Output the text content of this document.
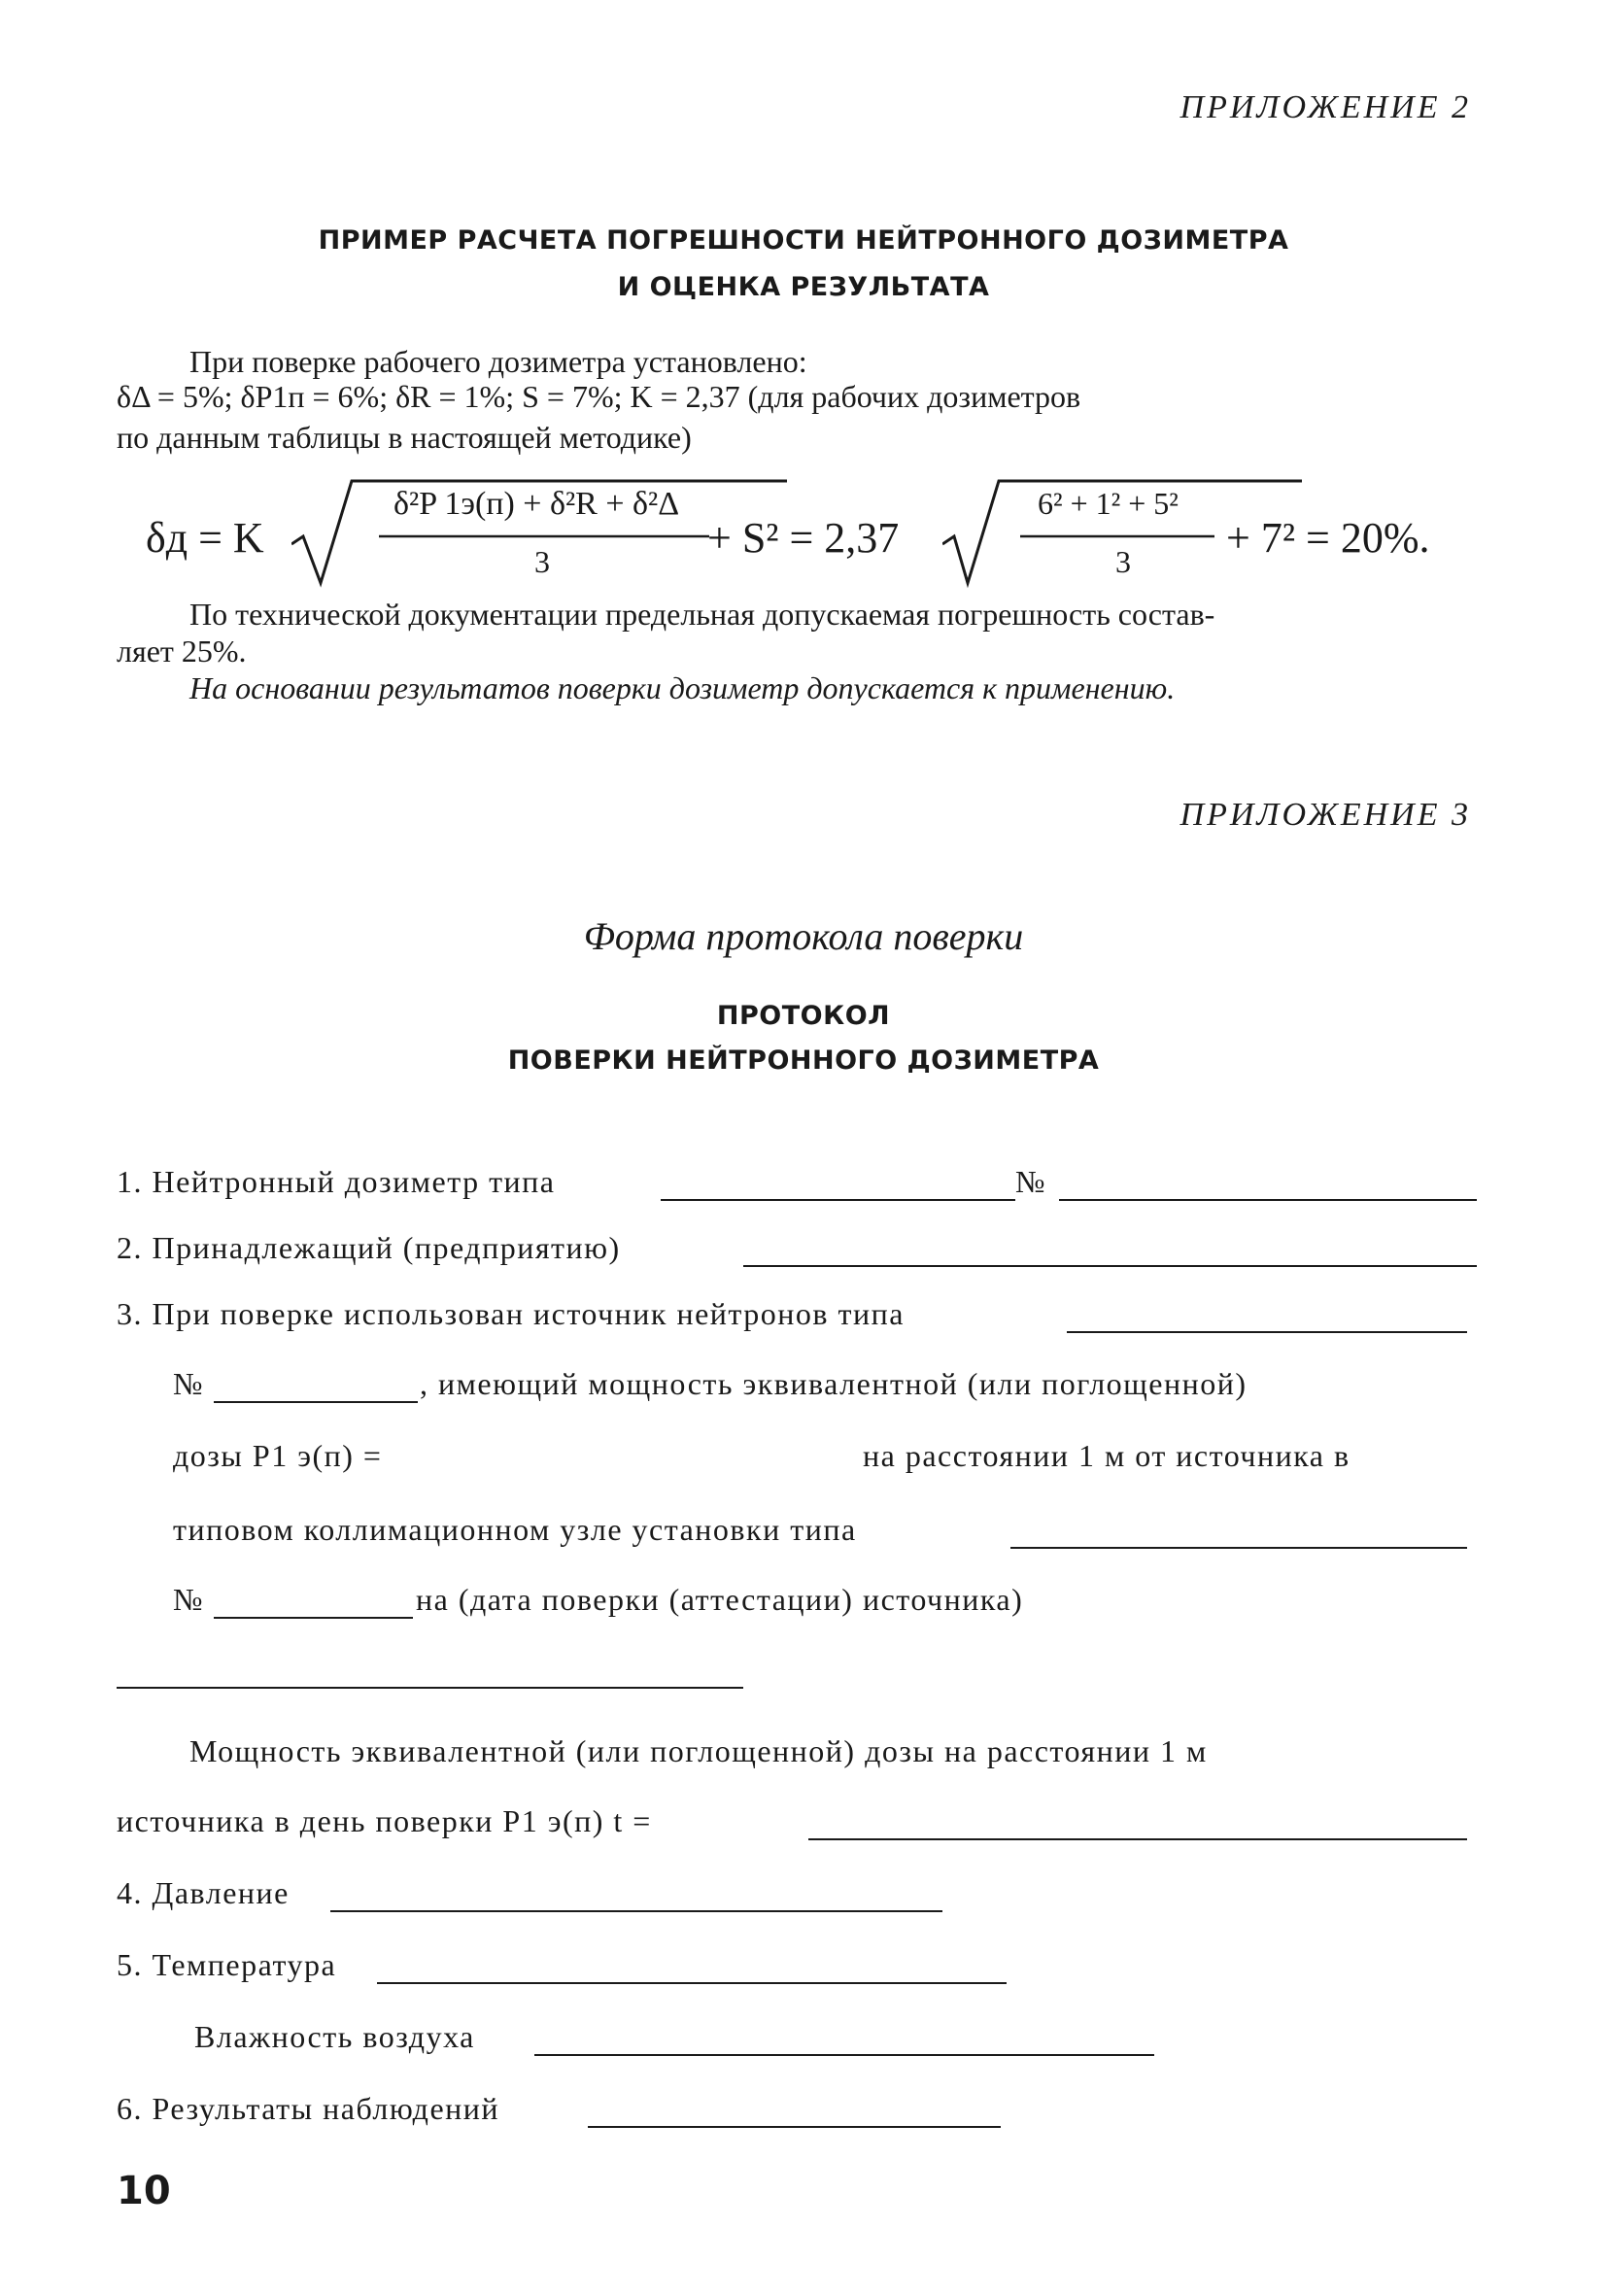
ПРИЛОЖЕНИЕ 2
ПРИМЕР РАСЧЕТА ПОГРЕШНОСТИ НЕЙТРОННОГО ДОЗИМЕТРА
И ОЦЕНКА РЕЗУЛЬТАТА
При поверке рабочего дозиметра установлено:
δΔ = 5%; δP1п = 6%; δR = 1%; S = 7%; K = 2,37 (для рабочих дозиметров
по данным таблицы в настоящей методике)
δд = K
δ²P 1э(п) + δ²R + δ²Δ
3	+ S² = 2,37
6² + 1² + 5²
3 + 7² = 20%.
По технической документации предельная допускаемая погрешность состав-
ляет 25%.
На основании результатов поверки дозиметр допускается к применению.
ПРИЛОЖЕНИЕ 3
Форма протокола поверки
ПРОТОКОЛ
ПОВЕРКИ НЕЙТРОННОГО ДОЗИМЕТРА
1. Нейтронный дозиметр типа	№
2. Принадлежащий (предприятию)
3. При поверке использован источник нейтронов типа
№	, имеющий мощность эквивалентной (или поглощенной)
дозы P1 э(п) =	на расстоянии 1 м от источника в
типовом коллимационном узле установки типа
№	на (дата поверки (аттестации) источника)
Мощность эквивалентной (или поглощенной) дозы на расстоянии 1 м
источника в день поверки P1 э(п) t =
4. Давление
5. Температура
Влажность воздуха
6. Результаты наблюдений
10
